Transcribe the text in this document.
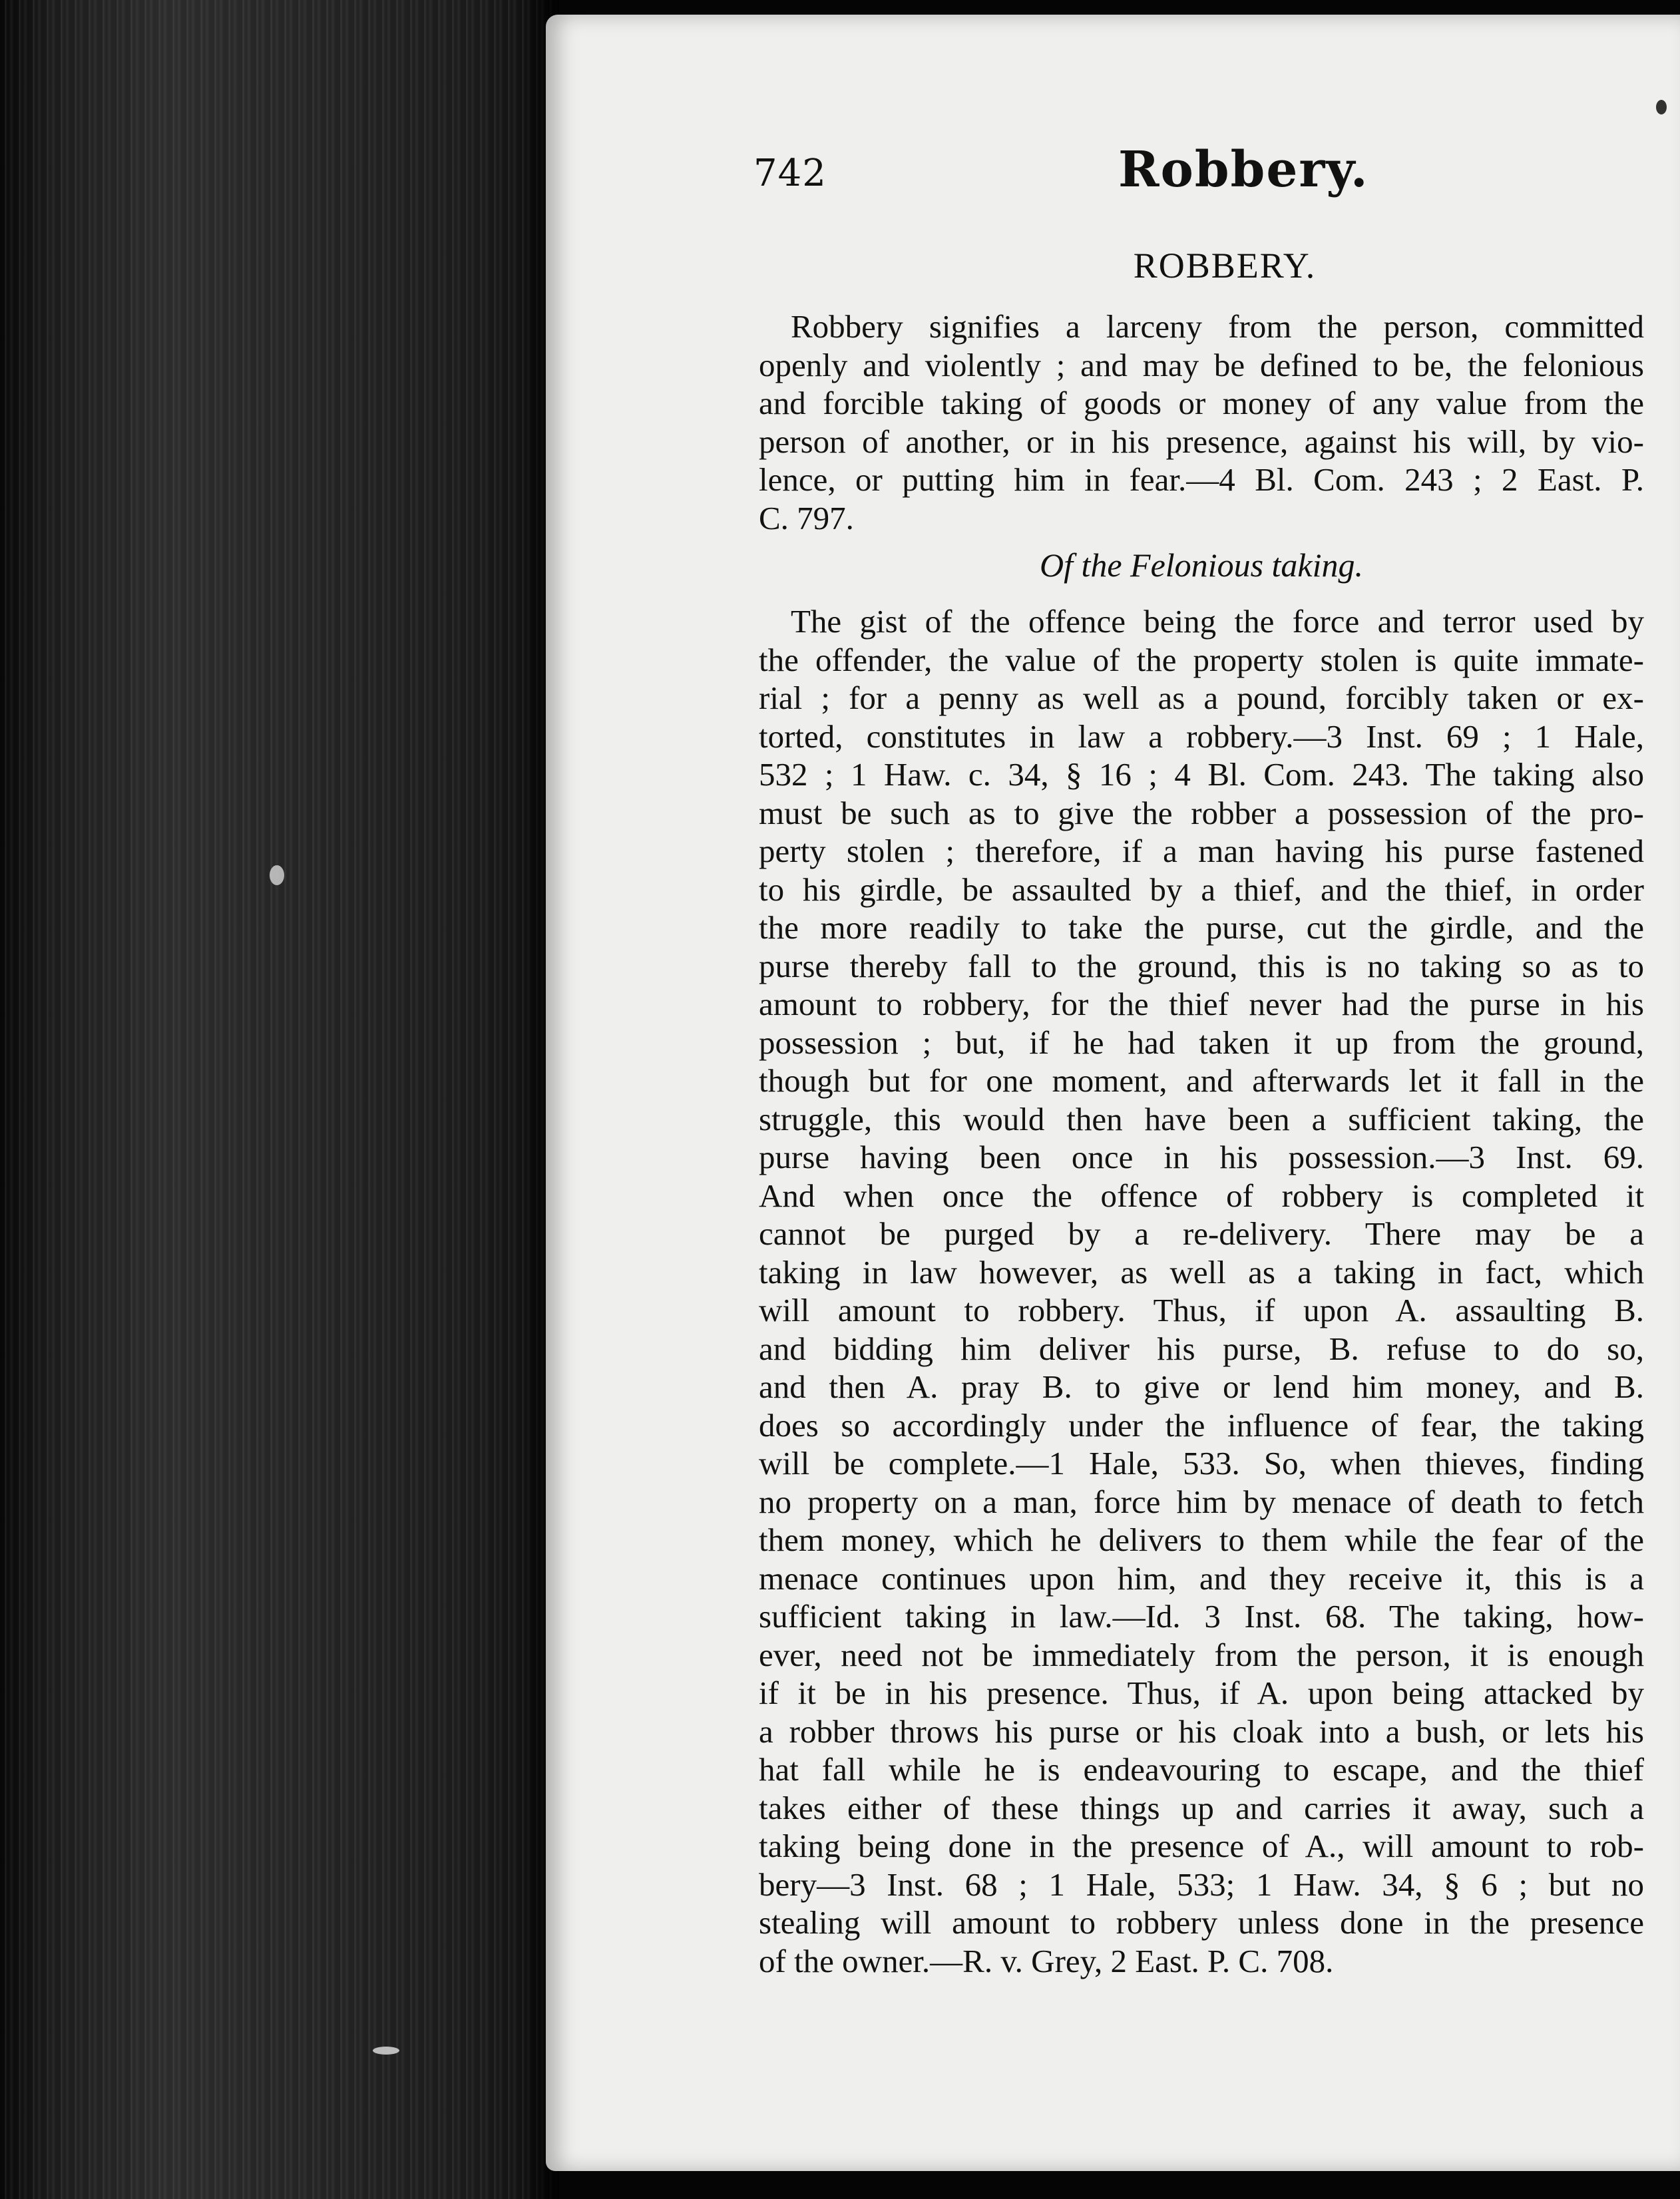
742	Robbery.
ROBBERY.
Robbery signifies a larceny from the person, committed
openly and violently ; and may be defined to be, the felonious
and forcible taking of goods or money of any value from the
person of another, or in his presence, against his will, by vio-
lence, or putting him in fear.—4 Bl. Com. 243 ; 2 East. P.
C. 797.
Of the Felonious taking.
The gist of the offence being the force and terror used by
the offender, the value of the property stolen is quite immate-
rial ; for a penny as well as a pound, forcibly taken or ex-
torted, constitutes in law a robbery.—3 Inst. 69 ; 1 Hale,
532 ; 1 Haw. c. 34, § 16 ; 4 Bl. Com. 243. The taking also
must be such as to give the robber a possession of the pro-
perty stolen ; therefore, if a man having his purse fastened
to his girdle, be assaulted by a thief, and the thief, in order
the more readily to take the purse, cut the girdle, and the
purse thereby fall to the ground, this is no taking so as to
amount to robbery, for the thief never had the purse in his
possession ; but, if he had taken it up from the ground,
though but for one moment, and afterwards let it fall in the
struggle, this would then have been a sufficient taking, the
purse having been once in his possession.—3 Inst. 69.
And when once the offence of robbery is completed it
cannot be purged by a re-delivery. There may be a
taking in law however, as well as a taking in fact, which
will amount to robbery. Thus, if upon A. assaulting B.
and bidding him deliver his purse, B. refuse to do so,
and then A. pray B. to give or lend him money, and B.
does so accordingly under the influence of fear, the taking
will be complete.—1 Hale, 533. So, when thieves, finding
no property on a man, force him by menace of death to fetch
them money, which he delivers to them while the fear of the
menace continues upon him, and they receive it, this is a
sufficient taking in law.—Id. 3 Inst. 68. The taking, how-
ever, need not be immediately from the person, it is enough
if it be in his presence. Thus, if A. upon being attacked by
a robber throws his purse or his cloak into a bush, or lets his
hat fall while he is endeavouring to escape, and the thief
takes either of these things up and carries it away, such a
taking being done in the presence of A., will amount to rob-
bery—3 Inst. 68 ; 1 Hale, 533; 1 Haw. 34, § 6 ; but no
stealing will amount to robbery unless done in the presence
of the owner.—R. v. Grey, 2 East. P. C. 708.
